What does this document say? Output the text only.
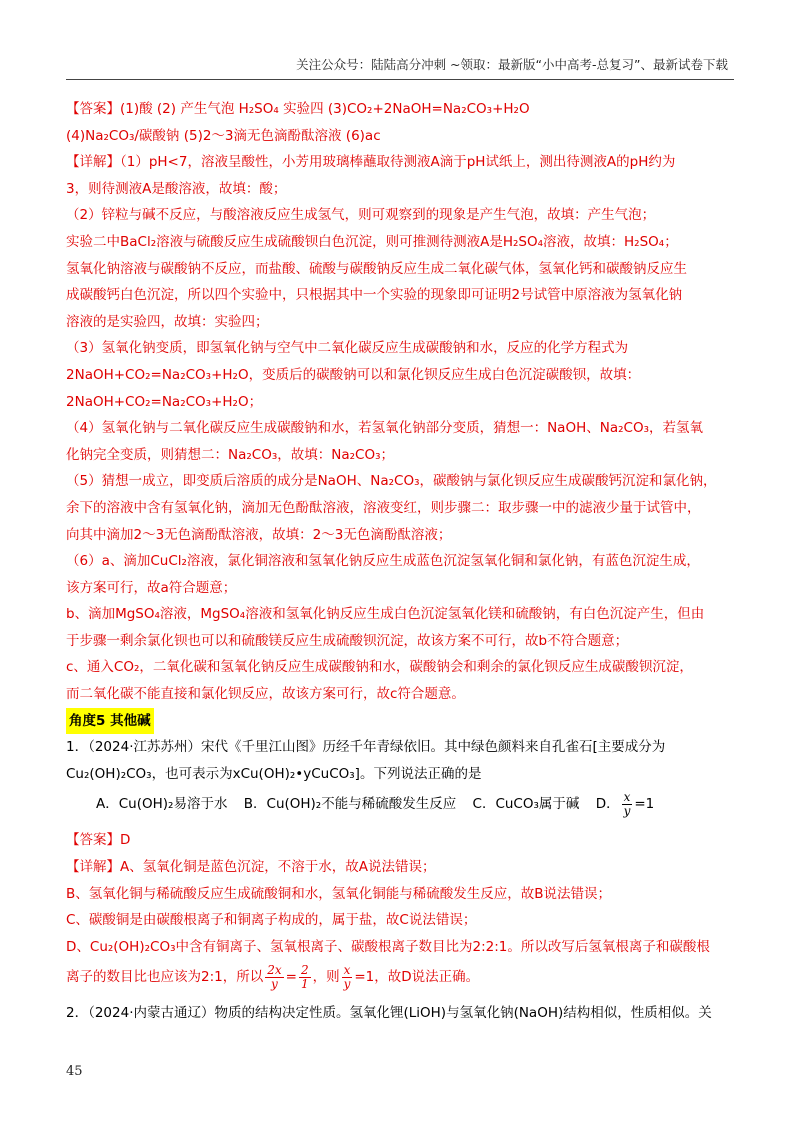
关注公众号：陆陆高分冲刺 ~领取：最新版“小中高考-总复习”、最新试卷下载
【答案】(1)酸 (2) 产生气泡 H₂SO₄ 实验四 (3)CO₂+2NaOH=Na₂CO₃+H₂O
(4)Na₂CO₃/碳酸钠 (5)2～3滴无色滴酚酞溶液 (6)ac
【详解】（1）pH<7，溶液呈酸性，小芳用玻璃棒蘸取待测液A滴于pH试纸上，测出待测液A的pH约为
3，则待测液A是酸溶液，故填：酸；
（2）锌粒与碱不反应，与酸溶液反应生成氢气，则可观察到的现象是产生气泡，故填：产生气泡；
实验二中BaCl₂溶液与硫酸反应生成硫酸钡白色沉淀，则可推测待测液A是H₂SO₄溶液，故填：H₂SO₄；
氢氧化钠溶液与碳酸钠不反应，而盐酸、硫酸与碳酸钠反应生成二氧化碳气体，氢氧化钙和碳酸钠反应生
成碳酸钙白色沉淀，所以四个实验中，只根据其中一个实验的现象即可证明2号试管中原溶液为氢氧化钠
溶液的是实验四，故填：实验四；
（3）氢氧化钠变质，即氢氧化钠与空气中二氧化碳反应生成碳酸钠和水，反应的化学方程式为
2NaOH+CO₂=Na₂CO₃+H₂O，变质后的碳酸钠可以和氯化钡反应生成白色沉淀碳酸钡，故填：
2NaOH+CO₂=Na₂CO₃+H₂O；
（4）氢氧化钠与二氧化碳反应生成碳酸钠和水，若氢氧化钠部分变质，猜想一：NaOH、Na₂CO₃，若氢氧
化钠完全变质，则猜想二：Na₂CO₃，故填：Na₂CO₃；
（5）猜想一成立，即变质后溶质的成分是NaOH、Na₂CO₃，碳酸钠与氯化钡反应生成碳酸钙沉淀和氯化钠，
余下的溶液中含有氢氧化钠，滴加无色酚酞溶液，溶液变红，则步骤二：取步骤一中的滤液少量于试管中，
向其中滴加2～3无色滴酚酞溶液，故填：2～3无色滴酚酞溶液；
（6）a、滴加CuCl₂溶液，氯化铜溶液和氢氧化钠反应生成蓝色沉淀氢氧化铜和氯化钠，有蓝色沉淀生成，
该方案可行，故a符合题意；
b、滴加MgSO₄溶液，MgSO₄溶液和氢氧化钠反应生成白色沉淀氢氧化镁和硫酸钠，有白色沉淀产生，但由
于步骤一剩余氯化钡也可以和硫酸镁反应生成硫酸钡沉淀，故该方案不可行，故b不符合题意；
c、通入CO₂，二氧化碳和氢氧化钠反应生成碳酸钠和水，碳酸钠会和剩余的氯化钡反应生成碳酸钡沉淀，
而二氧化碳不能直接和氯化钡反应，故该方案可行，故c符合题意。
角度5 其他碱
1．（2024·江苏苏州）宋代《千里江山图》历经千年青绿依旧。其中绿色颜料来自孔雀石[主要成分为
Cu₂(OH)₂CO₃，也可表示为xCu(OH)₂•yCuCO₃]。下列说法正确的是
A．Cu(OH)₂易溶于水 B．Cu(OH)₂不能与稀硫酸发生反应 C．CuCO₃属于碱 D． $\frac{x}{y} =1$
【答案】D
【详解】A、氢氧化铜是蓝色沉淀，不溶于水，故A说法错误；
B、氢氧化铜与稀硫酸反应生成硫酸铜和水，氢氧化铜能与稀硫酸发生反应，故B说法错误；
C、碳酸铜是由碳酸根离子和铜离子构成的，属于盐，故C说法错误；
D、Cu₂(OH)₂CO₃中含有铜离子、氢氧根离子、碳酸根离子数目比为2:2:1。所以改写后氢氧根离子和碳酸根
离子的数目比也应该为2:1，所以 $\frac{2x}{y} = \frac{2}{1}$ ，则 $\frac{x}{y} =1$，故D说法正确。
2．（2024·内蒙古通辽）物质的结构决定性质。氢氧化锂(LiOH)与氢氧化钠(NaOH)结构相似，性质相似。关
45
